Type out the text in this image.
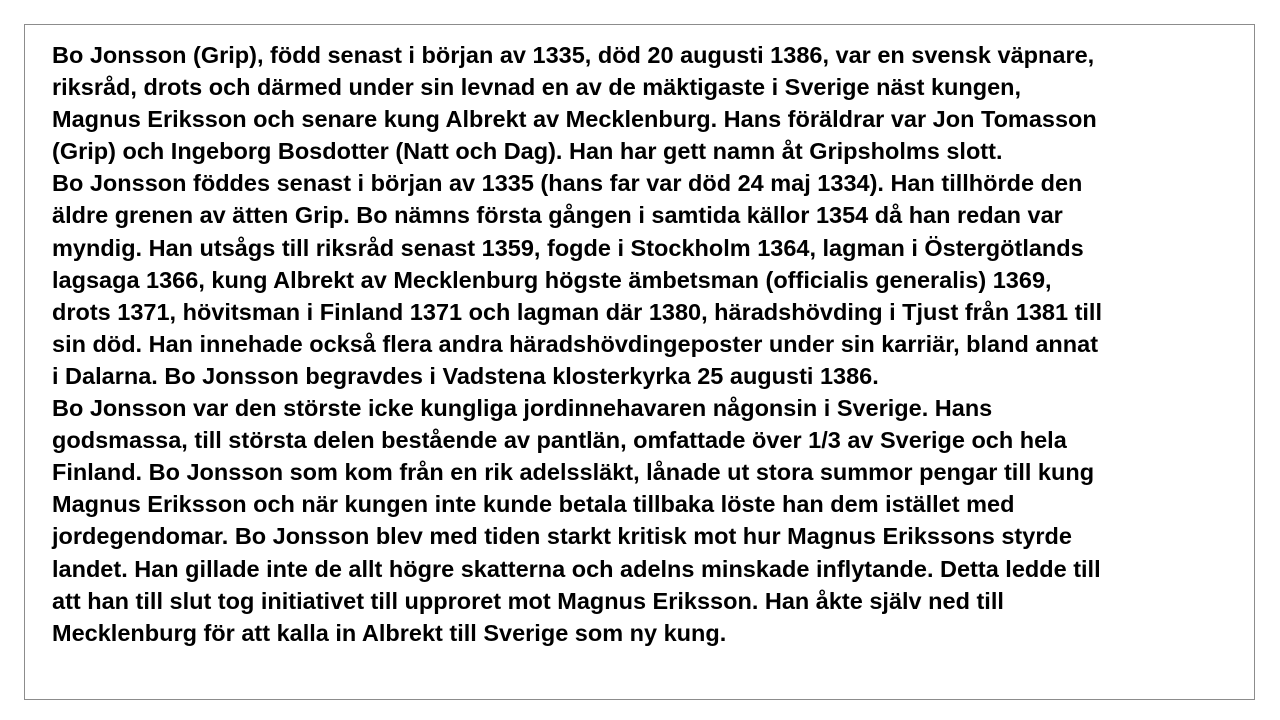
Bo Jonsson (Grip), född senast i början av 1335, död 20 augusti 1386, var en svensk väpnare,
riksråd, drots och därmed under sin levnad en av de mäktigaste i Sverige näst kungen,
Magnus Eriksson och senare kung Albrekt av Mecklenburg. Hans föräldrar var Jon Tomasson
(Grip) och Ingeborg Bosdotter (Natt och Dag). Han har gett namn åt Gripsholms slott.
Bo Jonsson föddes senast i början av 1335 (hans far var död 24 maj 1334). Han tillhörde den
äldre grenen av ätten Grip. Bo nämns första gången i samtida källor 1354 då han redan var
myndig. Han utsågs till riksråd senast 1359, fogde i Stockholm 1364, lagman i Östergötlands
lagsaga 1366, kung Albrekt av Mecklenburg högste ämbetsman (officialis generalis) 1369,
drots 1371, hövitsman i Finland 1371 och lagman där 1380, häradshövding i Tjust från 1381 till
sin död. Han innehade också flera andra häradshövdingeposter under sin karriär, bland annat
i Dalarna. Bo Jonsson begravdes i Vadstena klosterkyrka 25 augusti 1386.
Bo Jonsson var den störste icke kungliga jordinnehavaren någonsin i Sverige. Hans
godsmassa, till största delen bestående av pantlän, omfattade över 1/3 av Sverige och hela
Finland. Bo Jonsson som kom från en rik adelssläkt, lånade ut stora summor pengar till kung
Magnus Eriksson och när kungen inte kunde betala tillbaka löste han dem istället med
jordegendomar. Bo Jonsson blev med tiden starkt kritisk mot hur Magnus Erikssons styrde
landet. Han gillade inte de allt högre skatterna och adelns minskade inflytande. Detta ledde till
att han till slut tog initiativet till upproret mot Magnus Eriksson. Han åkte själv ned till
Mecklenburg för att kalla in Albrekt till Sverige som ny kung.
